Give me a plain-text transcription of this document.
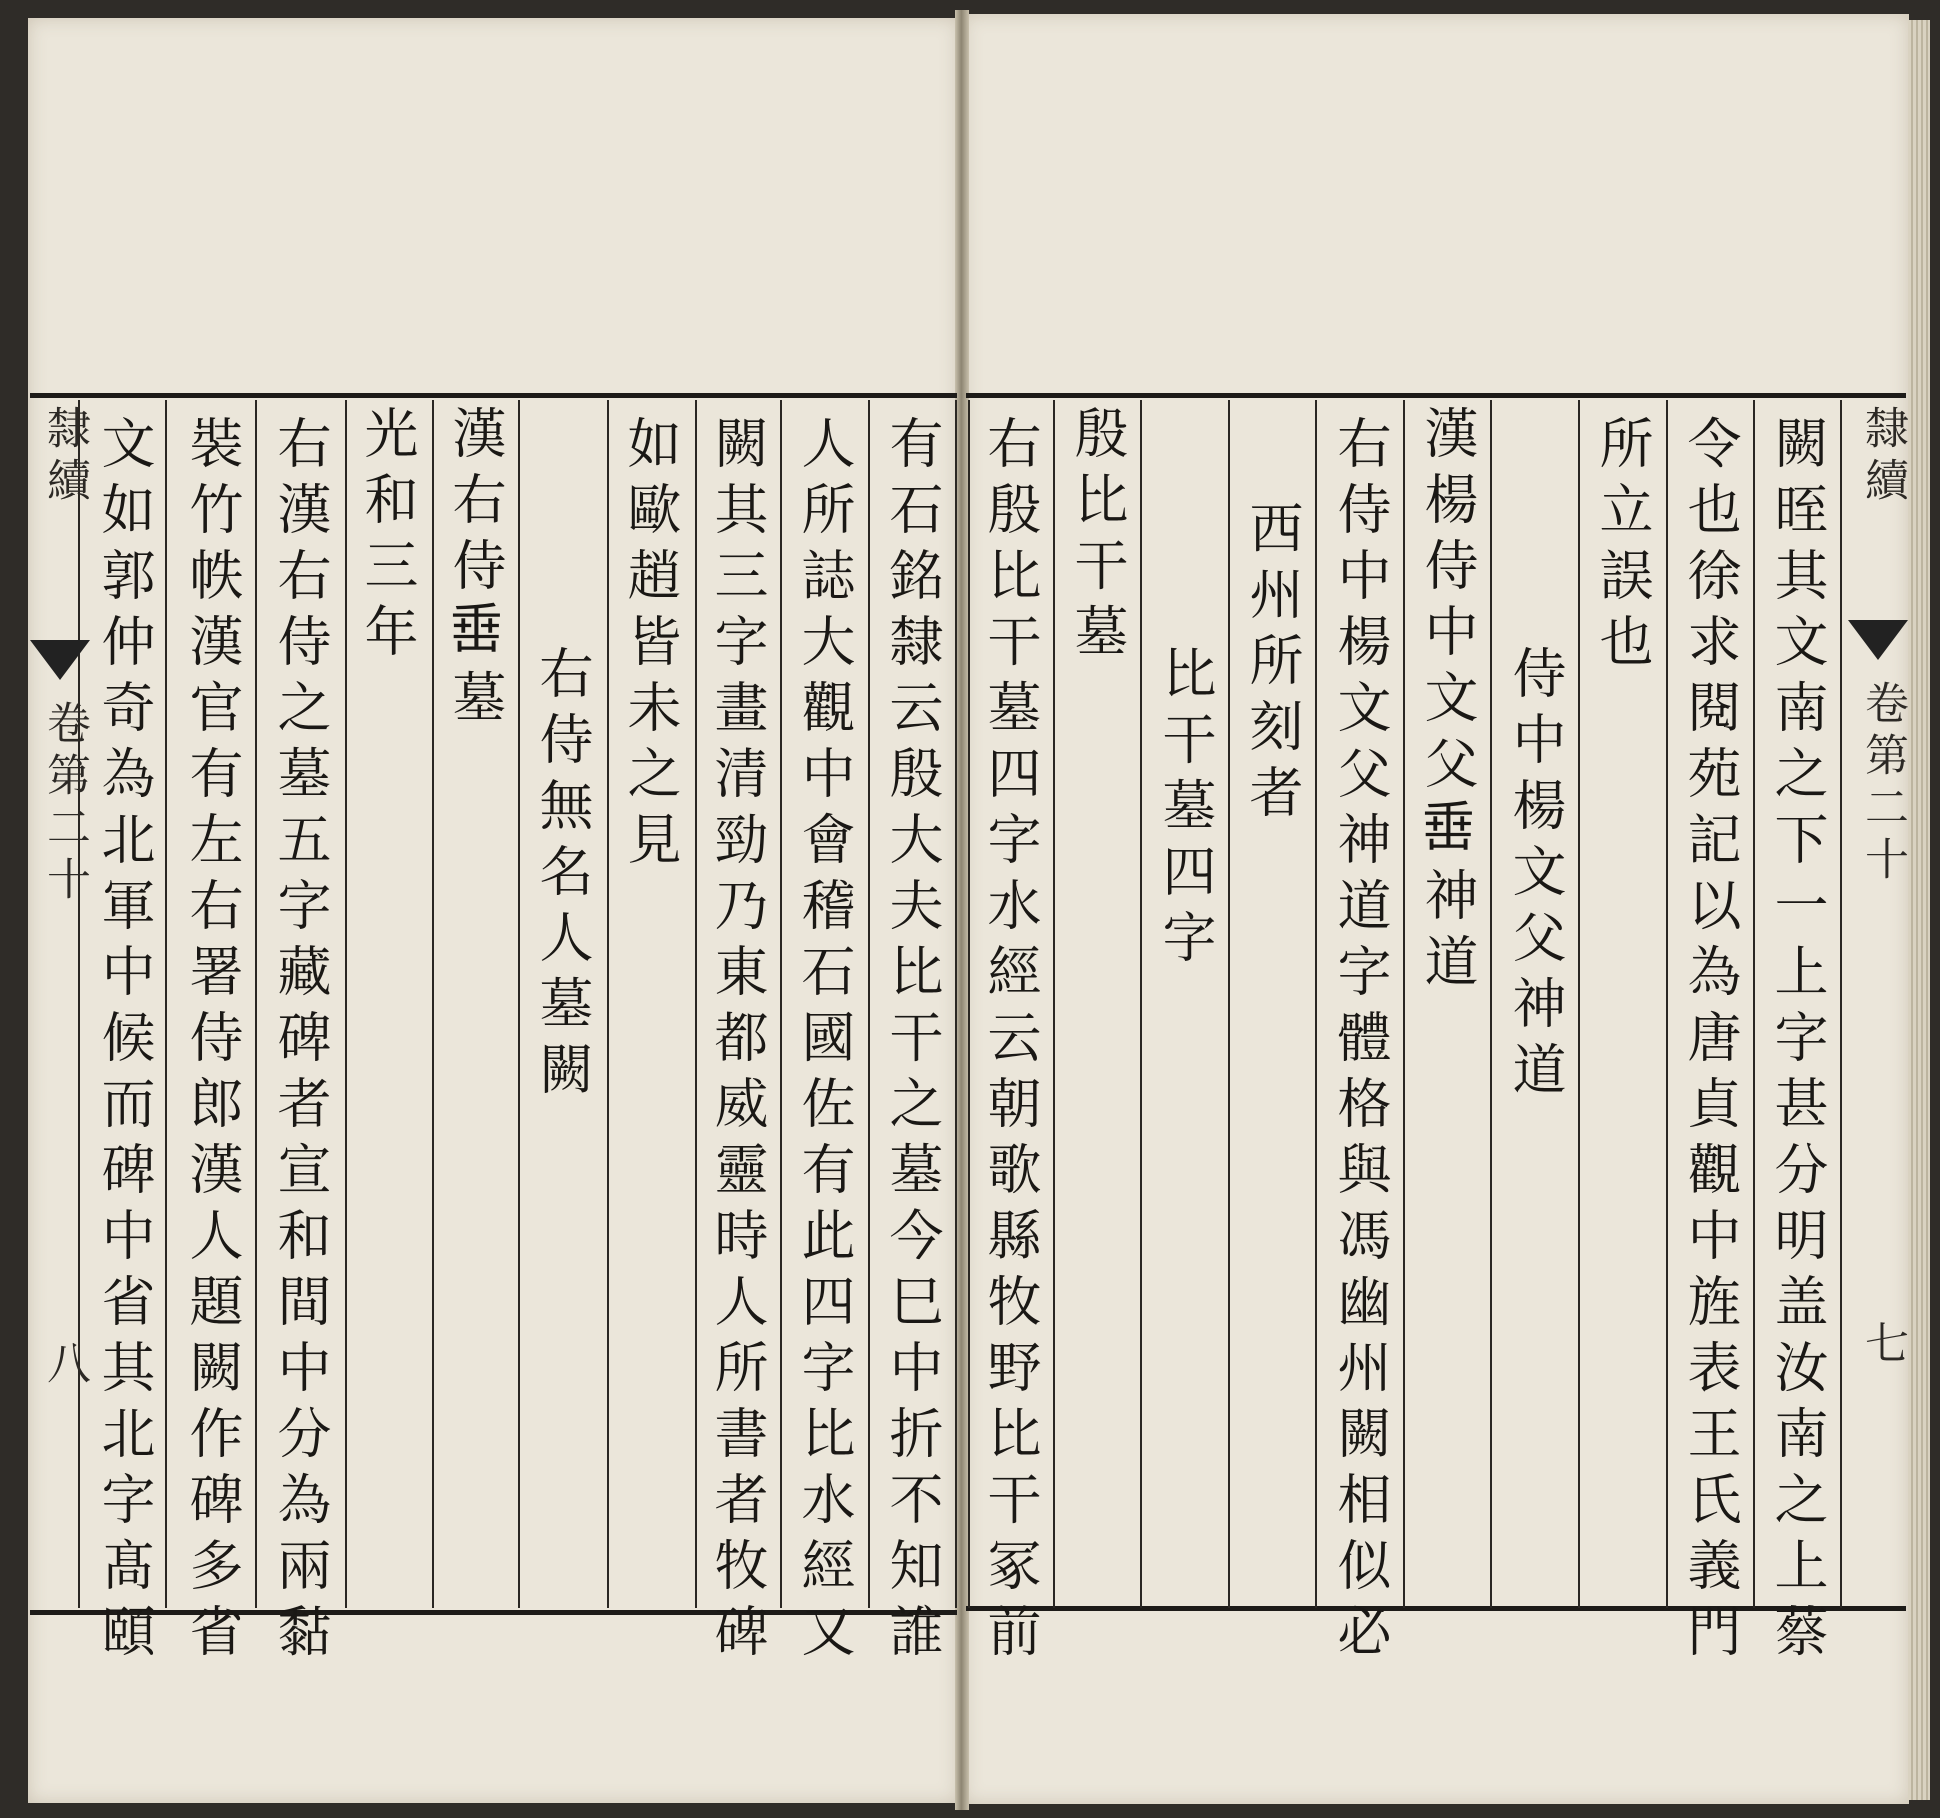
隸續
卷第二十
七
闕晊其文南之下一上字甚分明盖汝南之上蔡
令也徐求閱苑記以為唐貞觀中旌表王氏義門
所立誤也
侍中楊文父神道
漢楊侍中文父𡸁神道
右侍中楊文父神道字體格與馮幽州闕相似必
西州所刻者
比干墓四字
殷比干墓
右殷比干墓四字水經云朝歌縣牧野比干冢前
有石銘隸云殷大夫比干之墓今巳中折不知誰
人所誌大觀中會稽石國佐有此四字比水經又
闕其三字畫清勁乃東都威靈時人所書者牧碑
如歐趙皆未之見
右侍無名人墓闕
漢右侍𡸁墓
光和三年
右漢右侍之墓五字藏碑者宣和間中分為兩黏
裝竹帙漢官有左右署侍郎漢人題闕作碑多省
文如郭仲奇為北軍中候而碑中省其北字髙頤
隸續
卷第二十
八
